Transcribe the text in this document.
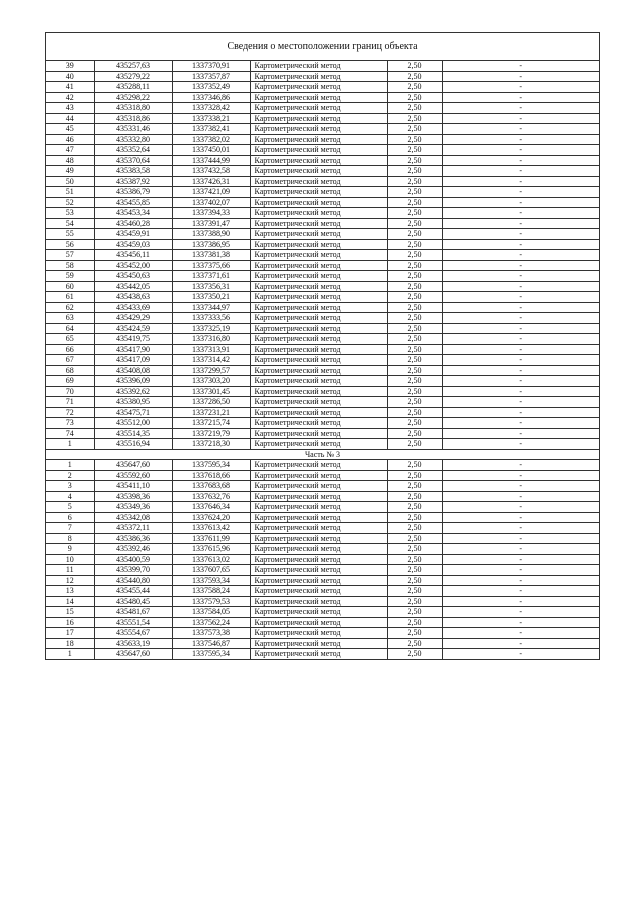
Сведения о местоположении границ объекта
39	435257,63	1337370,91	Картометрический метод	2,50	-
40	435279,22	1337357,87	Картометрический метод	2,50	-
41	435288,11	1337352,49	Картометрический метод	2,50	-
42	435298,22	1337346,86	Картометрический метод	2,50	-
43	435318,80	1337328,42	Картометрический метод	2,50	-
44	435318,86	1337338,21	Картометрический метод	2,50	-
45	435331,46	1337382,41	Картометрический метод	2,50	-
46	435332,80	1337382,02	Картометрический метод	2,50	-
47	435352,64	1337450,01	Картометрический метод	2,50	-
48	435370,64	1337444,99	Картометрический метод	2,50	-
49	435383,58	1337432,58	Картометрический метод	2,50	-
50	435387,92	1337426,31	Картометрический метод	2,50	-
51	435386,79	1337421,09	Картометрический метод	2,50	-
52	435455,85	1337402,07	Картометрический метод	2,50	-
53	435453,34	1337394,33	Картометрический метод	2,50	-
54	435460,28	1337391,47	Картометрический метод	2,50	-
55	435459,91	1337388,90	Картометрический метод	2,50	-
56	435459,03	1337386,95	Картометрический метод	2,50	-
57	435456,11	1337381,38	Картометрический метод	2,50	-
58	435452,00	1337375,66	Картометрический метод	2,50	-
59	435450,63	1337371,61	Картометрический метод	2,50	-
60	435442,05	1337356,31	Картометрический метод	2,50	-
61	435438,63	1337350,21	Картометрический метод	2,50	-
62	435433,69	1337344,97	Картометрический метод	2,50	-
63	435429,29	1337333,56	Картометрический метод	2,50	-
64	435424,59	1337325,19	Картометрический метод	2,50	-
65	435419,75	1337316,80	Картометрический метод	2,50	-
66	435417,90	1337313,91	Картометрический метод	2,50	-
67	435417,09	1337314,42	Картометрический метод	2,50	-
68	435408,08	1337299,57	Картометрический метод	2,50	-
69	435396,09	1337303,20	Картометрический метод	2,50	-
70	435392,62	1337301,45	Картометрический метод	2,50	-
71	435380,95	1337286,50	Картометрический метод	2,50	-
72	435475,71	1337231,21	Картометрический метод	2,50	-
73	435512,00	1337215,74	Картометрический метод	2,50	-
74	435514,35	1337219,79	Картометрический метод	2,50	-
1	435516,94	1337218,30	Картометрический метод	2,50	-
Часть № 3					
1	435647,60	1337595,34	Картометрический метод	2,50	-
2	435592,60	1337618,66	Картометрический метод	2,50	-
3	435411,10	1337683,68	Картометрический метод	2,50	-
4	435398,36	1337632,76	Картометрический метод	2,50	-
5	435349,36	1337646,34	Картометрический метод	2,50	-
6	435342,08	1337624,20	Картометрический метод	2,50	-
7	435372,11	1337613,42	Картометрический метод	2,50	-
8	435386,36	1337611,99	Картометрический метод	2,50	-
9	435392,46	1337615,96	Картометрический метод	2,50	-
10	435400,59	1337613,02	Картометрический метод	2,50	-
11	435399,70	1337607,65	Картометрический метод	2,50	-
12	435440,80	1337593,34	Картометрический метод	2,50	-
13	435455,44	1337588,24	Картометрический метод	2,50	-
14	435480,45	1337579,53	Картометрический метод	2,50	-
15	435481,67	1337584,05	Картометрический метод	2,50	-
16	435551,54	1337562,24	Картометрический метод	2,50	-
17	435554,67	1337573,38	Картометрический метод	2,50	-
18	435633,19	1337546,87	Картометрический метод	2,50	-
1	435647,60	1337595,34	Картометрический метод	2,50	-
